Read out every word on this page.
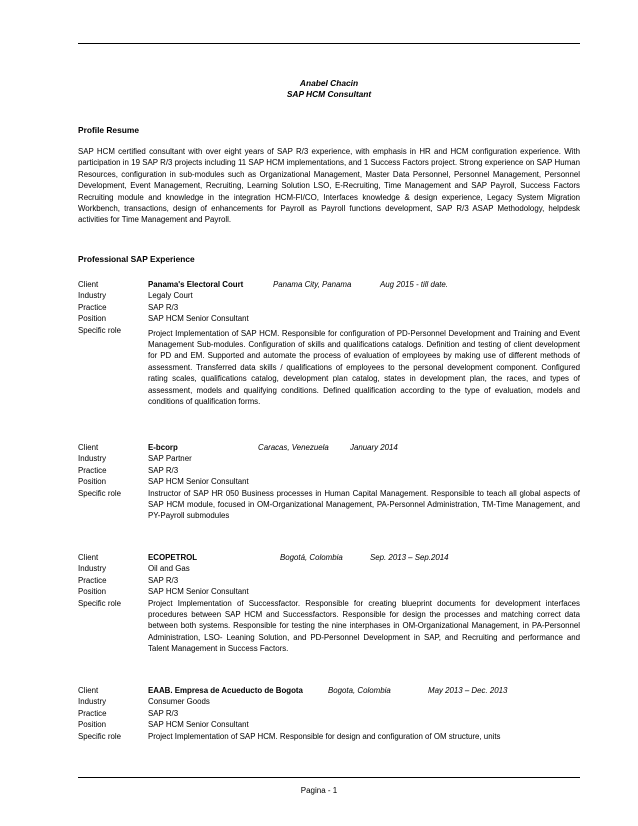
Anabel Chacin
SAP HCM Consultant
Profile Resume
SAP HCM certified consultant with over eight years of SAP R/3 experience, with emphasis in HR and HCM configuration experience. With participation in 19 SAP R/3 projects including 11 SAP HCM implementations, and 1 Success Factors project. Strong experience on SAP Human Resources, configuration in sub-modules such as Organizational Management, Master Data Personnel, Personnel Management, Personnel Development, Event Management, Recruiting, Learning Solution LSO, E-Recruiting, Time Management and SAP Payroll, Success Factors Recruiting module and knowledge in the integration HCM-FI/CO, Interfaces knowledge & design experience, Legacy System Migration Workbench, transactions, design of enhancements for Payroll as Payroll functions development, SAP R/3 ASAP Methodology, helpdesk activities for Time Management and Payroll.
Professional SAP Experience
Client	Panama's Electoral Court	Panama City, Panama	Aug 2015 - till date.
Industry	Legaly Court
Practice	SAP R/3
Position	SAP HCM Senior Consultant
Specific role	Project Implementation of SAP HCM. Responsible for configuration of PD-Personnel Development and Training and Event Management Sub-modules. Configuration of skills and qualifications catalogs. Definition and testing of client development for PD and EM. Supported and automate the process of evaluation of employees by making use of different methods of assessment. Transferred data skills / qualifications of employees to the personal development component. Configured rating scales, qualifications catalog, development plan catalog, states in development plan, the races, and types of assessment, models and qualifying conditions. Defined qualification according to the type of evaluation, models and conditions of qualification forms.
Client	E-bcorp	Caracas, Venezuela	January 2014
Industry	SAP Partner
Practice	SAP R/3
Position	SAP HCM Senior Consultant
Specific role	Instructor of SAP HR 050 Business processes in Human Capital Management. Responsible to teach all global aspects of SAP HCM module, focused in OM-Organizational Management, PA-Personnel Administration, TM-Time Management, and PY-Payroll submodules
Client	ECOPETROL	Bogotá, Colombia	Sep. 2013 – Sep.2014
Industry	Oil and Gas
Practice	SAP R/3
Position	SAP HCM Senior Consultant
Specific role	Project Implementation of Successfactor. Responsible for creating blueprint documents for development interfaces procedures between SAP HCM and Successfactors. Responsible for design the processes and matching correct data between both systems. Responsible for testing the nine interphases in OM-Organizational Management, in PA-Personnel Administration, LSO- Leaning Solution, and PD-Personnel Development in SAP, and Recruiting and performance and Talent Management in Success Factors.
Client	EAAB. Empresa de Acueducto de Bogota	Bogota, Colombia	May 2013 – Dec. 2013
Industry	Consumer Goods
Practice	SAP R/3
Position	SAP HCM Senior Consultant
Specific role	Project Implementation of SAP HCM. Responsible for design and configuration of OM structure, units
Pagina - 1
